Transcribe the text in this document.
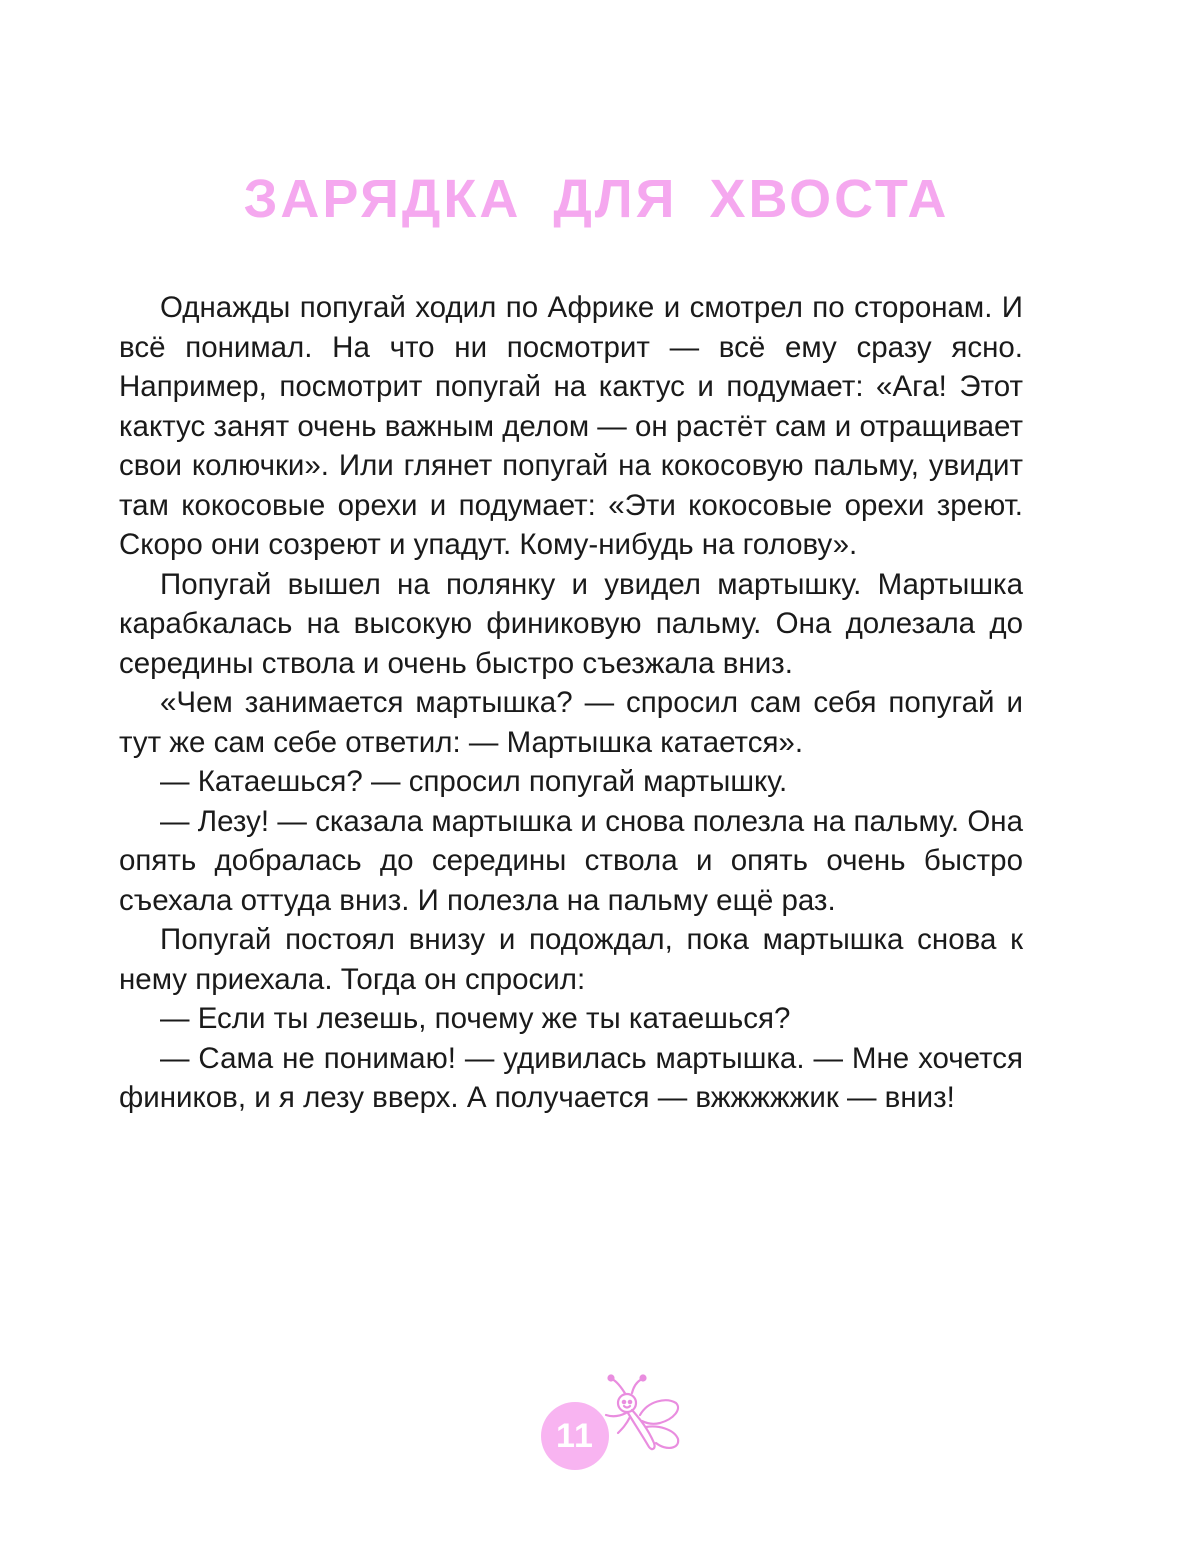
ЗАРЯДКА ДЛЯ ХВОСТА

Однажды попугай ходил по Африке и смотрел по сторонам. И всё понимал. На что ни посмотрит — всё ему сразу ясно. Например, посмотрит попугай на кактус и подумает: «Ага! Этот кактус занят очень важным делом — он растёт сам и отращивает свои колючки». Или глянет попугай на кокосовую пальму, увидит там кокосовые орехи и подумает: «Эти кокосовые орехи зреют. Скоро они созреют и упадут. Кому-нибудь на голову».

Попугай вышел на полянку и увидел мартышку. Мартышка карабкалась на высокую финиковую пальму. Она долезала до середины ствола и очень быстро съезжала вниз.

«Чем занимается мартышка? — спросил сам себя попугай и тут же сам себе ответил: — Мартышка катается».

— Катаешься? — спросил попугай мартышку.

— Лезу! — сказала мартышка и снова полезла на пальму. Она опять добралась до середины ствола и опять очень быстро съехала оттуда вниз. И полезла на пальму ещё раз.

Попугай постоял внизу и подождал, пока мартышка снова к нему приехала. Тогда он спросил:

— Если ты лезешь, почему же ты катаешься?

— Сама не понимаю! — удивилась мартышка. — Мне хочется фиников, и я лезу вверх. А получается — вжжжжжик — вниз!

11
